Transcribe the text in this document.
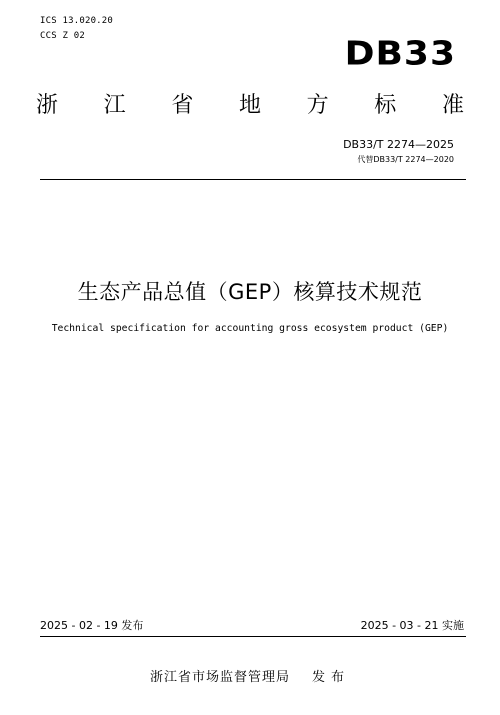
ICS 13.020.20
CCS Z 02	DB33
浙 江 省 地 方 标 准
DB33/T 2274—2025
代替DB33/T 2274—2020
生态产品总值（GEP）核算技术规范
Technical specification for accounting gross ecosystem product (GEP)
2025 - 02 - 19 发布	2025 - 03 - 21 实施
浙江省市场监督管理局 发布
